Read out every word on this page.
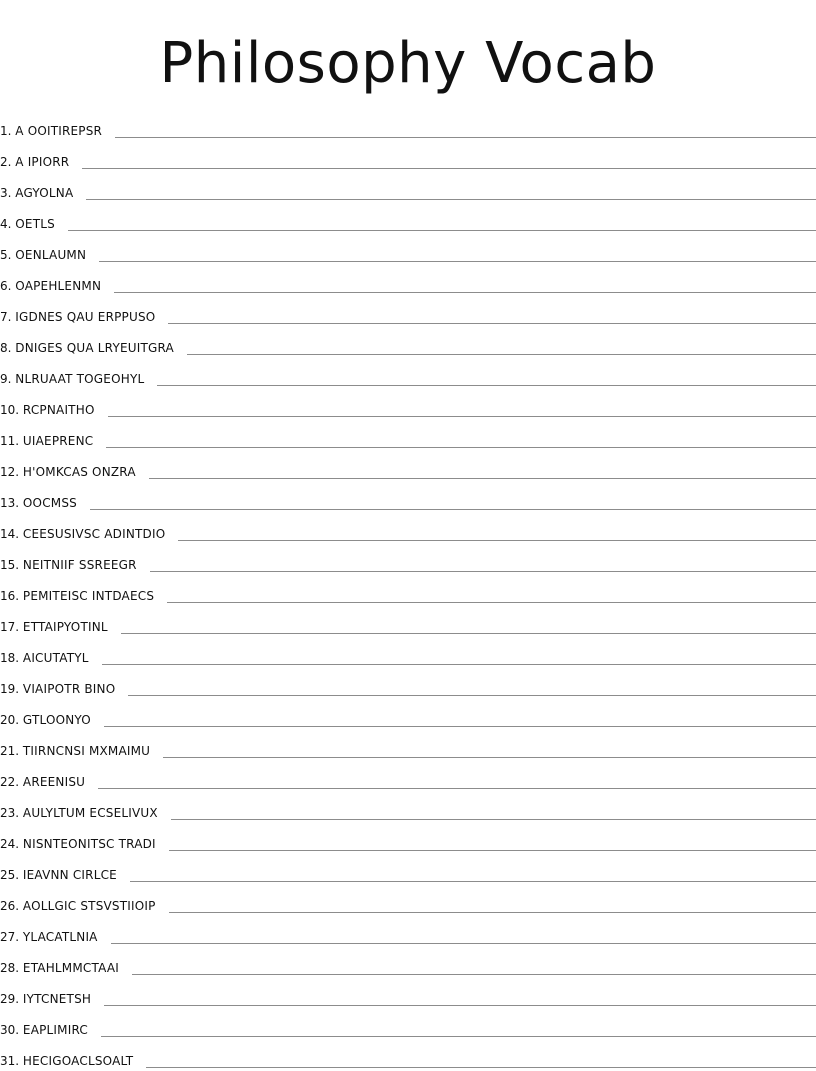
Philosophy Vocab
1. A OOITIREPSR
2. A IPIORR
3. AGYOLNA
4. OETLS
5. OENLAUMN
6. OAPEHLENMN
7. IGDNES QAU ERPPUSO
8. DNIGES QUA LRYEUITGRA
9. NLRUAAT TOGEOHYL
10. RCPNAITHO
11. UIAEPRENC
12. H'OMKCAS ONZRA
13. OOCMSS
14. CEESUSIVSC ADINTDIO
15. NEITNIIF SSREEGR
16. PEMITEISC INTDAECS
17. ETTAIPYOTINL
18. AICUTATYL
19. VIAIPOTR BINO
20. GTLOONYO
21. TIIRNCNSI MXMAIMU
22. AREENISU
23. AULYLTUM ECSELIVUX
24. NISNTEONITSC TRADI
25. IEAVNN CIRLCE
26. AOLLGIC STSVSTIIOIP
27. YLACATLNIA
28. ETAHLMMCTAAI
29. IYTCNETSH
30. EAPLIMIRC
31. HECIGOACLSOALT
